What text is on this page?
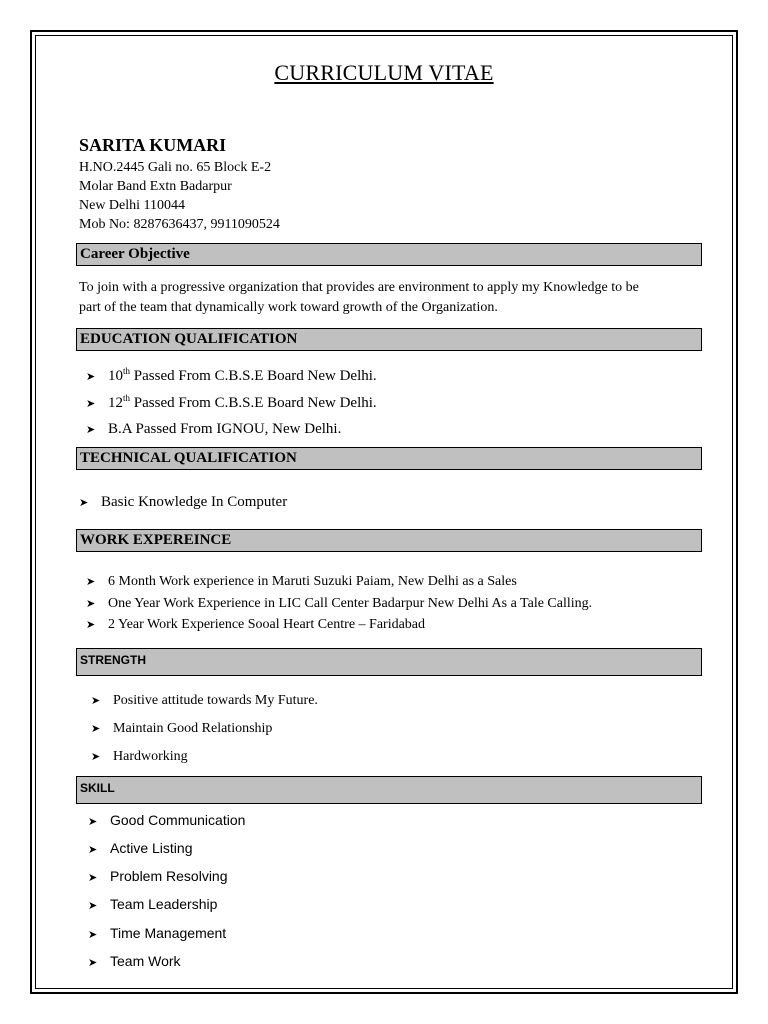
CURRICULUM VITAE
SARITA KUMARI
H.NO.2445 Gali no. 65 Block E-2
Molar Band Extn Badarpur
New Delhi 110044
Mob No: 8287636437, 9911090524
Career Objective
To join with a progressive organization that provides are environment to apply my Knowledge to be
part of the team that dynamically work toward growth of the Organization.
EDUCATION QUALIFICATION
➤ 10th Passed From C.B.S.E Board New Delhi.
➤ 12th Passed From C.B.S.E Board New Delhi.
➤ B.A Passed From IGNOU, New Delhi.
TECHNICAL QUALIFICATION
➤ Basic Knowledge In Computer
WORK EXPEREINCE
➤ 6 Month Work experience in Maruti Suzuki Paiam, New Delhi as a Sales
➤ One Year Work Experience in LIC Call Center Badarpur New Delhi As a Tale Calling.
➤ 2 Year Work Experience Sooal Heart Centre – Faridabad
STRENGTH
➤ Positive attitude towards My Future.
➤ Maintain Good Relationship
➤ Hardworking
SKILL
➤ Good Communication
➤ Active Listing
➤ Problem Resolving
➤ Team Leadership
➤ Time Management
➤ Team Work
